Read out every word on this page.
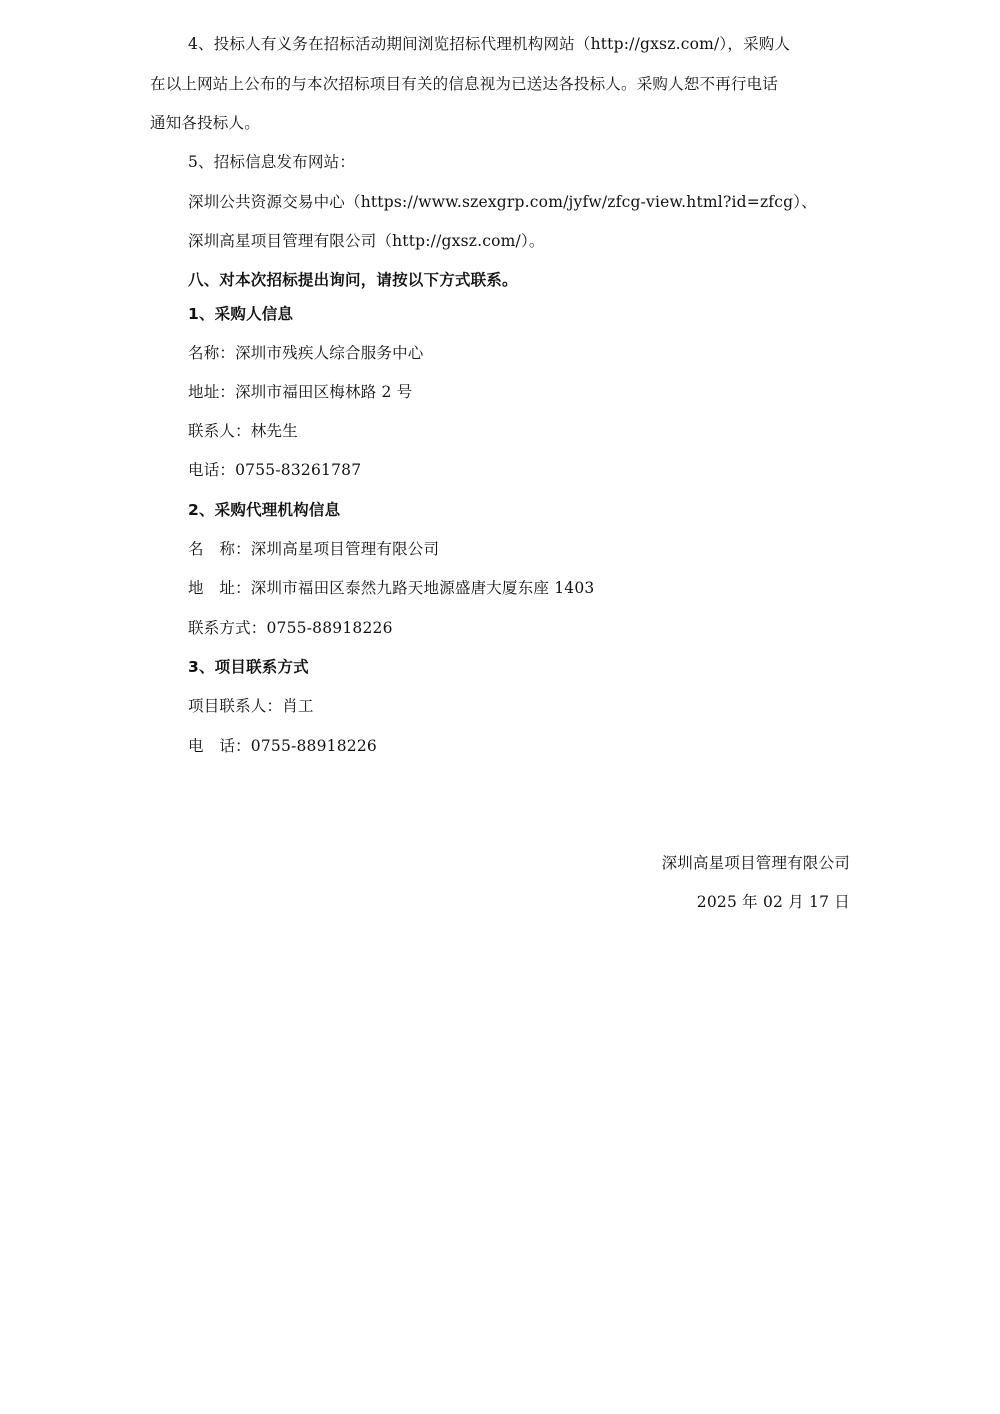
4、投标人有义务在招标活动期间浏览招标代理机构网站（http://gxsz.com/），采购人
在以上网站上公布的与本次招标项目有关的信息视为已送达各投标人。采购人恕不再行电话
通知各投标人。
5、招标信息发布网站：
深圳公共资源交易中心（https://www.szexgrp.com/jyfw/zfcg-view.html?id=zfcg）、
深圳高星项目管理有限公司（http://gxsz.com/）。
八、对本次招标提出询问，请按以下方式联系。
1、采购人信息
名称：深圳市残疾人综合服务中心
地址：深圳市福田区梅林路 2 号
联系人：林先生
电话：0755-83261787
2、采购代理机构信息
名　称：深圳高星项目管理有限公司
地　址：深圳市福田区泰然九路天地源盛唐大厦东座 1403
联系方式：0755-88918226
3、项目联系方式
项目联系人：肖工
电　话：0755-88918226
深圳高星项目管理有限公司
2025 年 02 月 17 日
